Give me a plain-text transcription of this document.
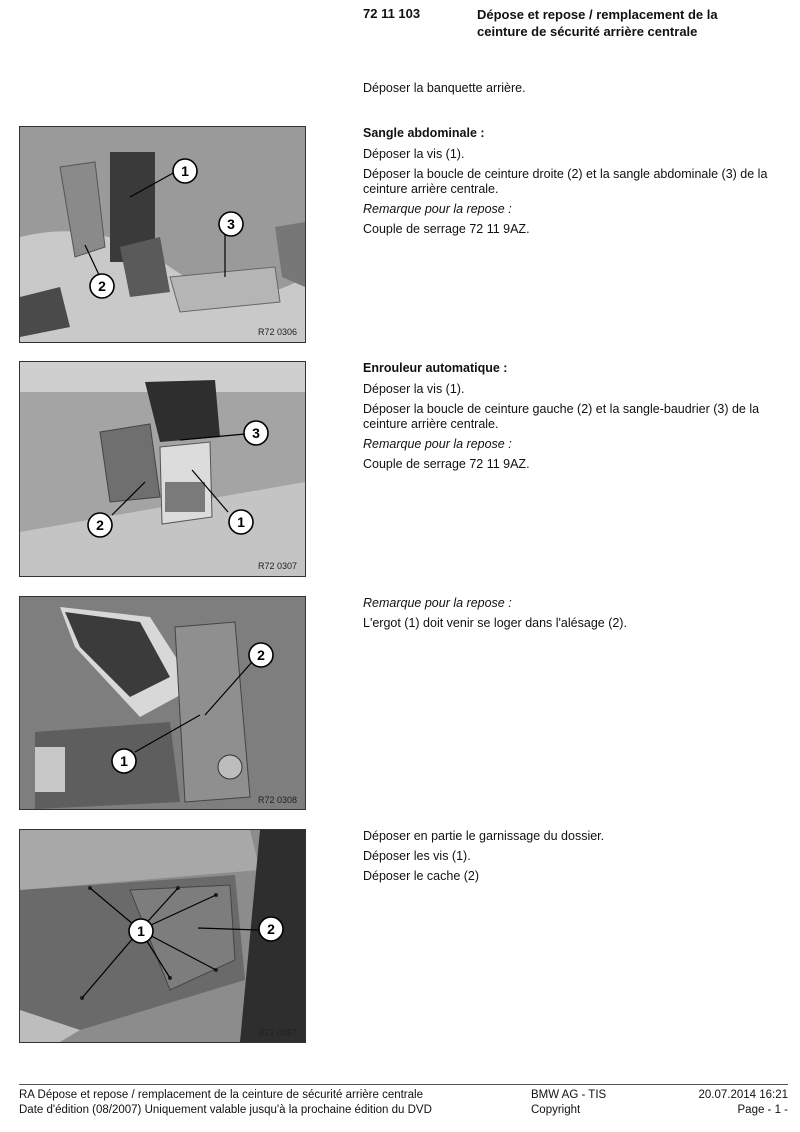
72 11 103	Dépose et repose / remplacement de la
ceinture de sécurité arrière centrale
Déposer la banquette arrière.

Sangle abdominale :

Déposer la vis (1).

Déposer la boucle de ceinture droite (2) et la sangle abdominale (3) de la ceinture arrière centrale.

Remarque pour la repose :

Couple de serrage 72 11 9AZ.

Enrouleur automatique :

Déposer la vis (1).

Déposer la boucle de ceinture gauche (2) et la sangle-baudrier (3) de la ceinture arrière centrale.

Remarque pour la repose :

Couple de serrage 72 11 9AZ.

Remarque pour la repose :

L'ergot (1) doit venir se loger dans l'alésage (2).

Déposer en partie le garnissage du dossier.

Déposer les vis (1).

Déposer le cache (2)

1
3
2
R72 0306
3
2	1
R72 0307
2
1
R72 0308
1	2
R72 0267
RA Dépose et repose / remplacement de la ceinture de sécurité arrière centrale
Date d'édition (08/2007) Uniquement valable jusqu'à la prochaine édition du DVD
BMW AG - TIS
Copyright
20.07.2014 16:21
Page - 1 -
